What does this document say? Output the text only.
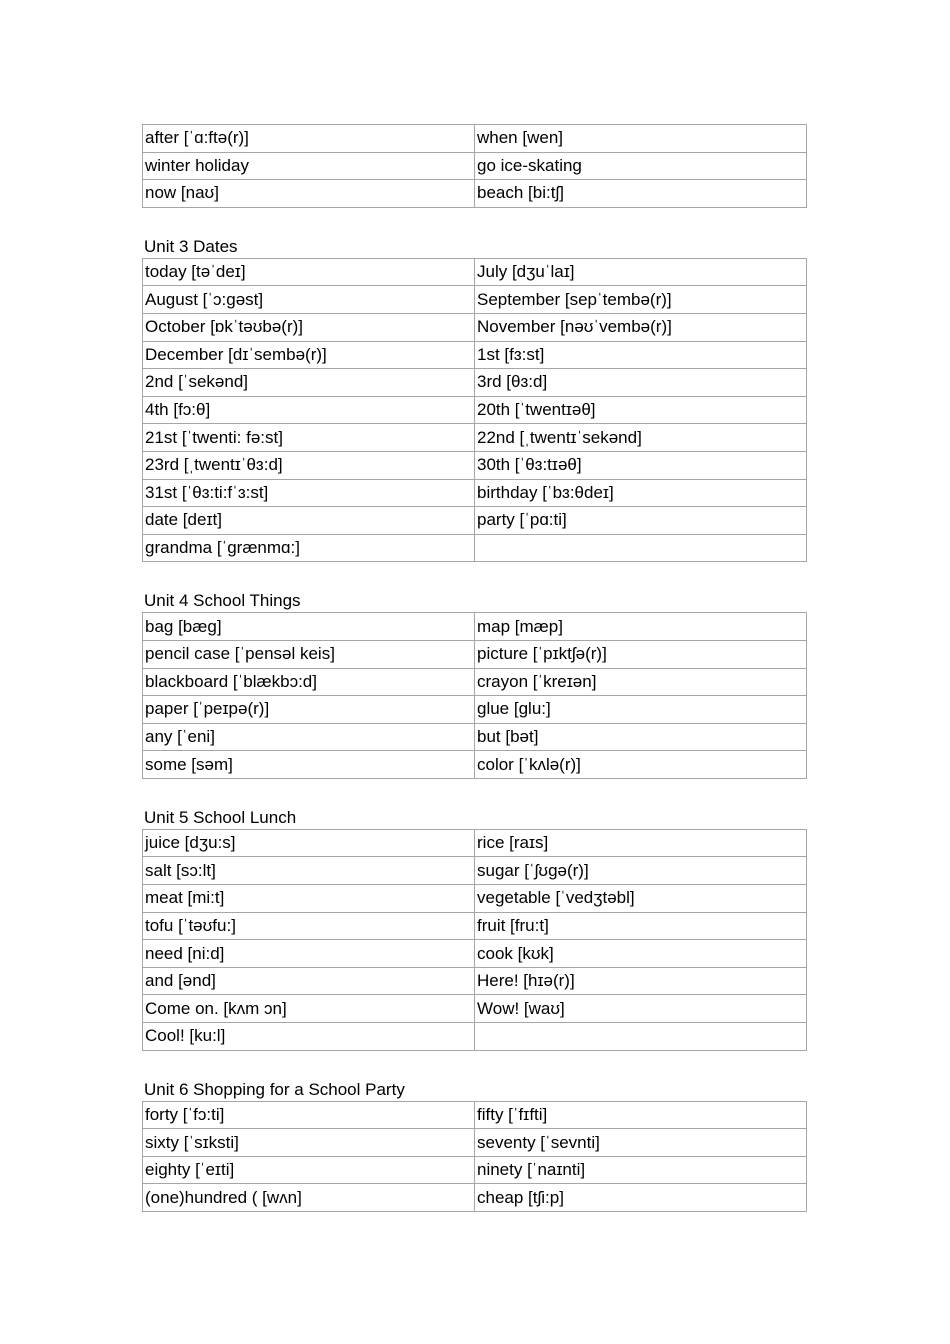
after [ˈɑ:ftə(r)]	when [wen]
winter holiday	go ice-skating
now [naʊ]	beach [bi:tʃ]
Unit 3 Dates
today [təˈdeɪ]	July [dʒuˈlaɪ]
August [ˈɔ:gəst]	September [sepˈtembə(r)]
October [ɒkˈtəʊbə(r)]	November [nəʊˈvembə(r)]
December [dɪˈsembə(r)]	1st [fɜ:st]
2nd [ˈsekənd]	3rd [θɜ:d]
4th [fɔ:θ]	20th [ˈtwentɪəθ]
21st [ˈtwenti: fə:st]	22nd [ˌtwentɪˈsekənd]
23rd [ˌtwentɪˈθɜ:d]	30th [ˈθɜ:tɪəθ]
31st [ˈθɜ:ti:fˈɜ:st]	birthday [ˈbɜ:θdeɪ]
date [deɪt]	party [ˈpɑ:ti]
grandma [ˈgrænmɑ:]	
Unit 4 School Things
bag [bæg]	map [mæp]
pencil case [ˈpensəl keis]	picture [ˈpɪktʃə(r)]
blackboard [ˈblækbɔ:d]	crayon [ˈkreɪən]
paper [ˈpeɪpə(r)]	glue [glu:]
any [ˈeni]	but [bət]
some [səm]	color [ˈkʌlə(r)]
Unit 5 School Lunch
juice [dʒu:s]	rice [raɪs]
salt [sɔ:lt]	sugar [ˈʃʊgə(r)]
meat [mi:t]	vegetable [ˈvedʒtəbl]
tofu [ˈtəʊfu:]	fruit [fru:t]
need [ni:d]	cook [kʊk]
and [ənd]	Here! [hɪə(r)]
Come on. [kʌm ɔn]	Wow! [waʊ]
Cool! [ku:l]	
Unit 6 Shopping for a School Party
forty [ˈfɔ:ti]	fifty [ˈfɪfti]
sixty [ˈsɪksti]	seventy [ˈsevnti]
eighty [ˈeɪti]	ninety [ˈnaɪnti]
(one)hundred ( [wʌn]	cheap [tʃi:p]
